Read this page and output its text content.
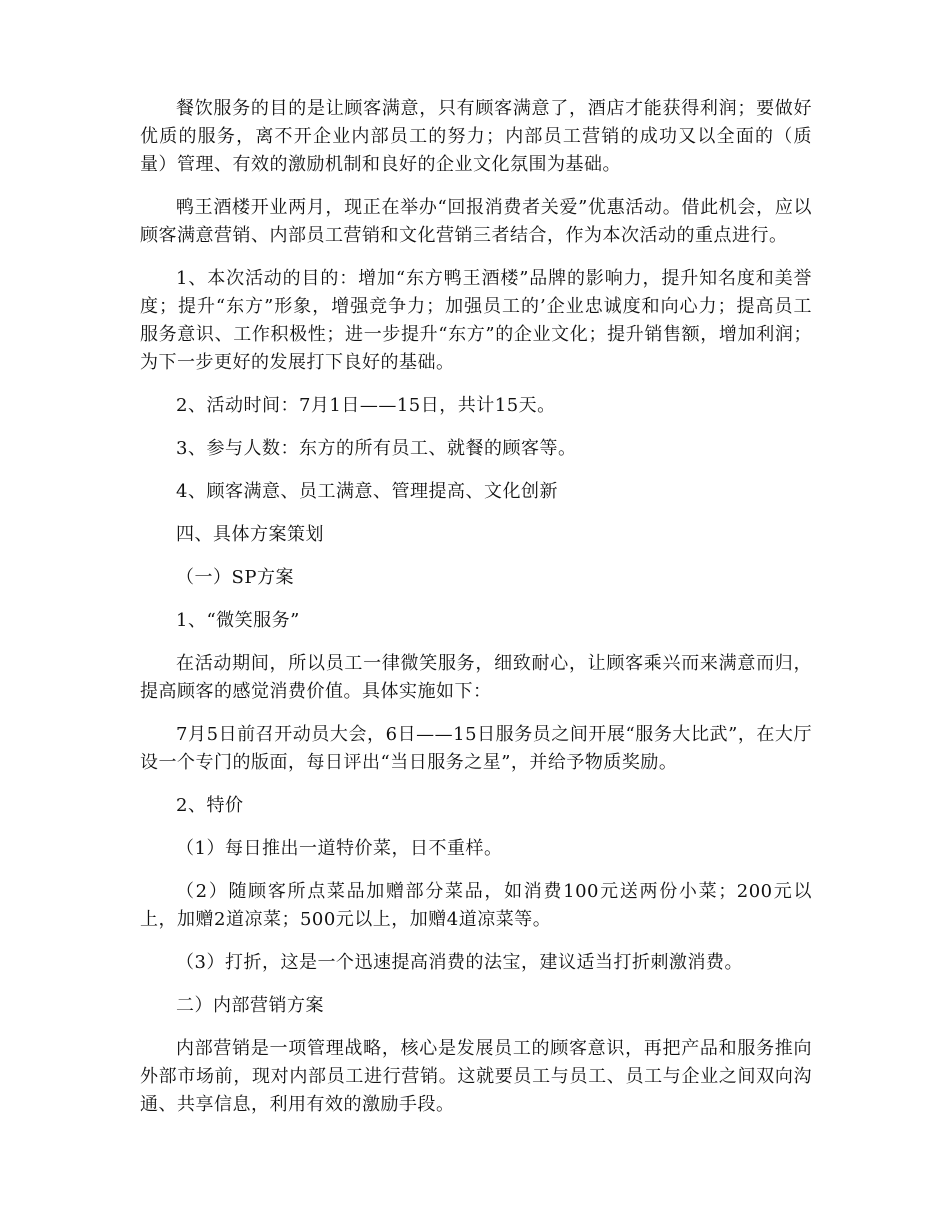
餐饮服务的目的是让顾客满意，只有顾客满意了，酒店才能获得利润；要做好优质的服务，离不开企业内部员工的努力；内部员工营销的成功又以全面的（质量）管理、有效的激励机制和良好的企业文化氛围为基础。

鸭王酒楼开业两月，现正在举办“回报消费者关爱”优惠活动。借此机会，应以顾客满意营销、内部员工营销和文化营销三者结合，作为本次活动的重点进行。

1、本次活动的目的：增加“东方鸭王酒楼”品牌的影响力，提升知名度和美誉度；提升“东方”形象，增强竞争力；加强员工的’企业忠诚度和向心力；提高员工服务意识、工作积极性；进一步提升“东方”的企业文化；提升销售额，增加利润；为下一步更好的发展打下良好的基础。

2、活动时间：7月1日——15日，共计15天。

3、参与人数：东方的所有员工、就餐的顾客等。

4、顾客满意、员工满意、管理提高、文化创新

四、具体方案策划

（一）SP方案

1、“微笑服务”

在活动期间，所以员工一律微笑服务，细致耐心，让顾客乘兴而来满意而归，提高顾客的感觉消费价值。具体实施如下：

7月5日前召开动员大会，6日——15日服务员之间开展“服务大比武”，在大厅设一个专门的版面，每日评出“当日服务之星”，并给予物质奖励。

2、特价

（1）每日推出一道特价菜，日不重样。

（2）随顾客所点菜品加赠部分菜品，如消费100元送两份小菜；200元以上，加赠2道凉菜；500元以上，加赠4道凉菜等。

（3）打折，这是一个迅速提高消费的法宝，建议适当打折刺激消费。

二）内部营销方案

内部营销是一项管理战略，核心是发展员工的顾客意识，再把产品和服务推向外部市场前，现对内部员工进行营销。这就要员工与员工、员工与企业之间双向沟通、共享信息，利用有效的激励手段。
